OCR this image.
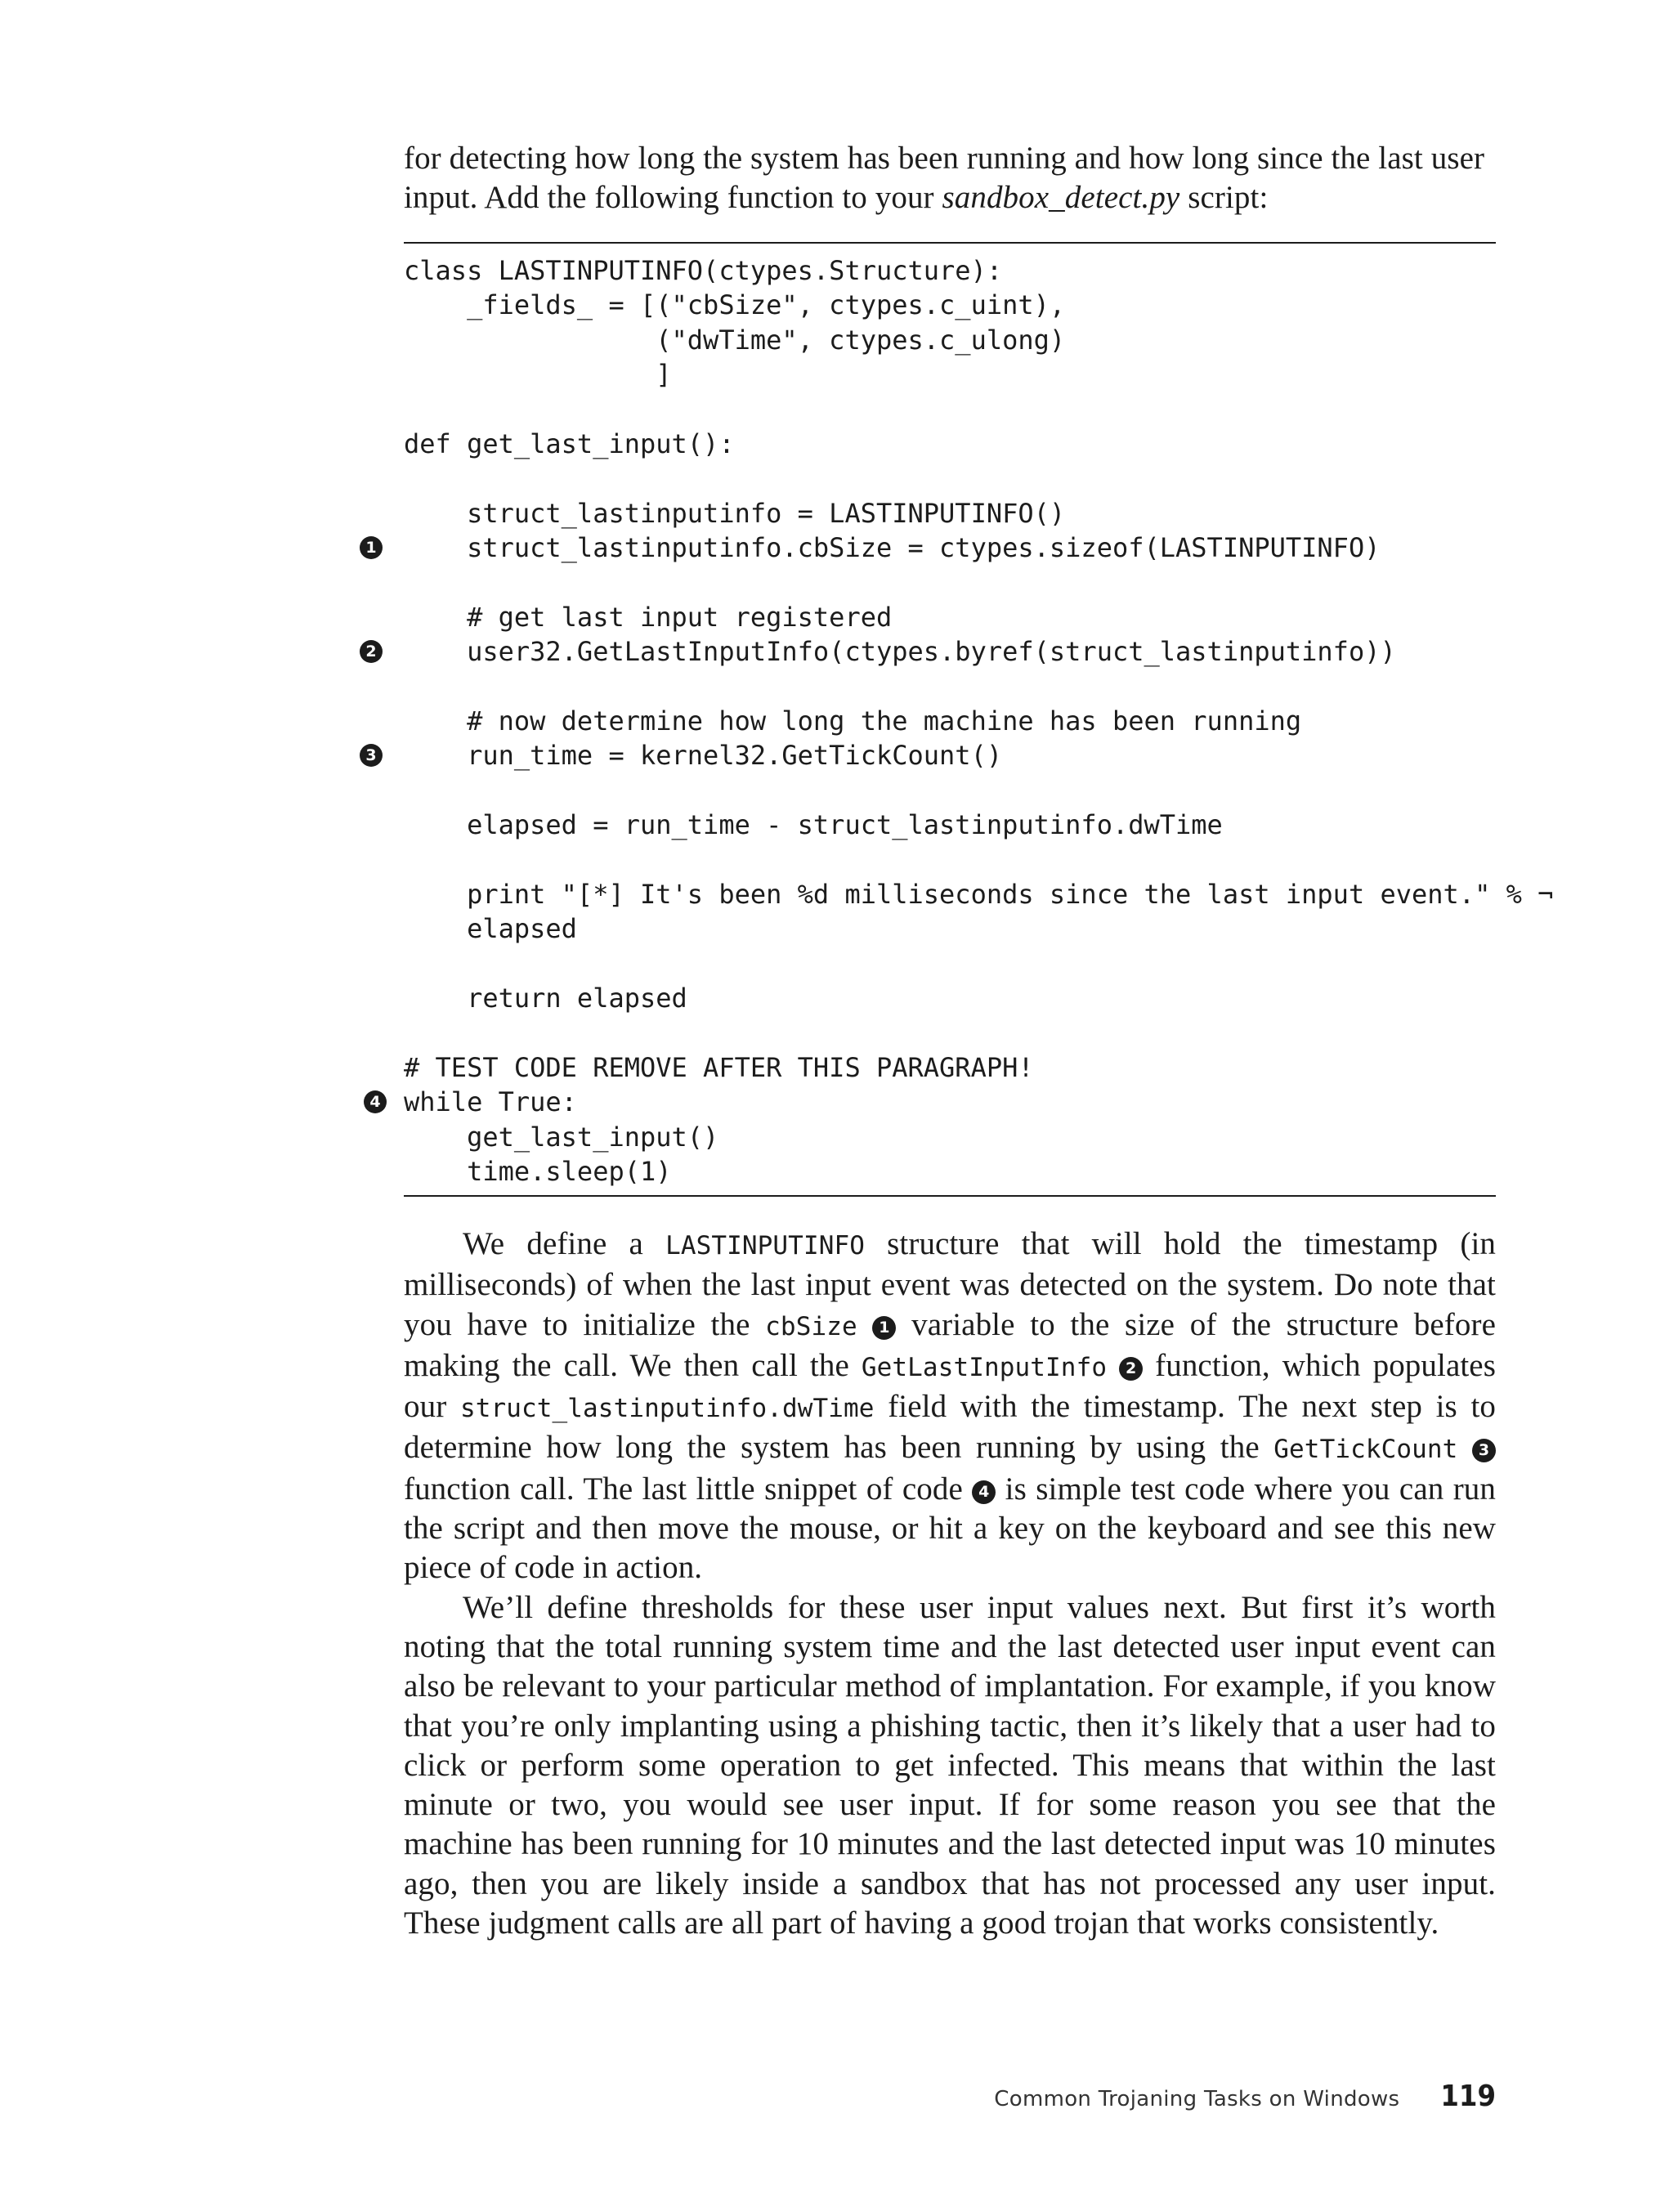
for detecting how long the system has been running and how long since the last user input. Add the following function to your sandbox_detect.py script:
class LASTINPUTINFO(ctypes.Structure):
_fields_ = [("cbSize", ctypes.c_uint),
("dwTime", ctypes.c_ulong)
]
def get_last_input():
struct_lastinputinfo = LASTINPUTINFO()
1 struct_lastinputinfo.cbSize = ctypes.sizeof(LASTINPUTINFO)
# get last input registered
2 user32.GetLastInputInfo(ctypes.byref(struct_lastinputinfo))
# now determine how long the machine has been running
3 run_time = kernel32.GetTickCount()
elapsed = run_time - struct_lastinputinfo.dwTime
print "[*] It's been %d milliseconds since the last input event." % ¬
elapsed
return elapsed
# TEST CODE REMOVE AFTER THIS PARAGRAPH!
4 while True:
get_last_input()
time.sleep(1)

We define a LASTINPUTINFO structure that will hold the timestamp (in milliseconds) of when the last input event was detected on the system. Do note that you have to initialize the cbSize 1 variable to the size of the structure before making the call. We then call the GetLastInputInfo 2 function, which populates our struct_lastinputinfo.dwTime field with the timestamp. The next step is to determine how long the system has been running by using the GetTickCount 3 function call. The last little snippet of code 4 is simple test code where you can run the script and then move the mouse, or hit a key on the keyboard and see this new piece of code in action.

We’ll define thresholds for these user input values next. But first it’s worth noting that the total running system time and the last detected user input event can also be relevant to your particular method of implantation. For example, if you know that you’re only implanting using a phishing tactic, then it’s likely that a user had to click or perform some operation to get infected. This means that within the last minute or two, you would see user input. If for some reason you see that the machine has been running for 10 minutes and the last detected input was 10 minutes ago, then you are likely inside a sandbox that has not processed any user input. These judgment calls are all part of having a good trojan that works consistently.

Common Trojaning Tasks on Windows 119
